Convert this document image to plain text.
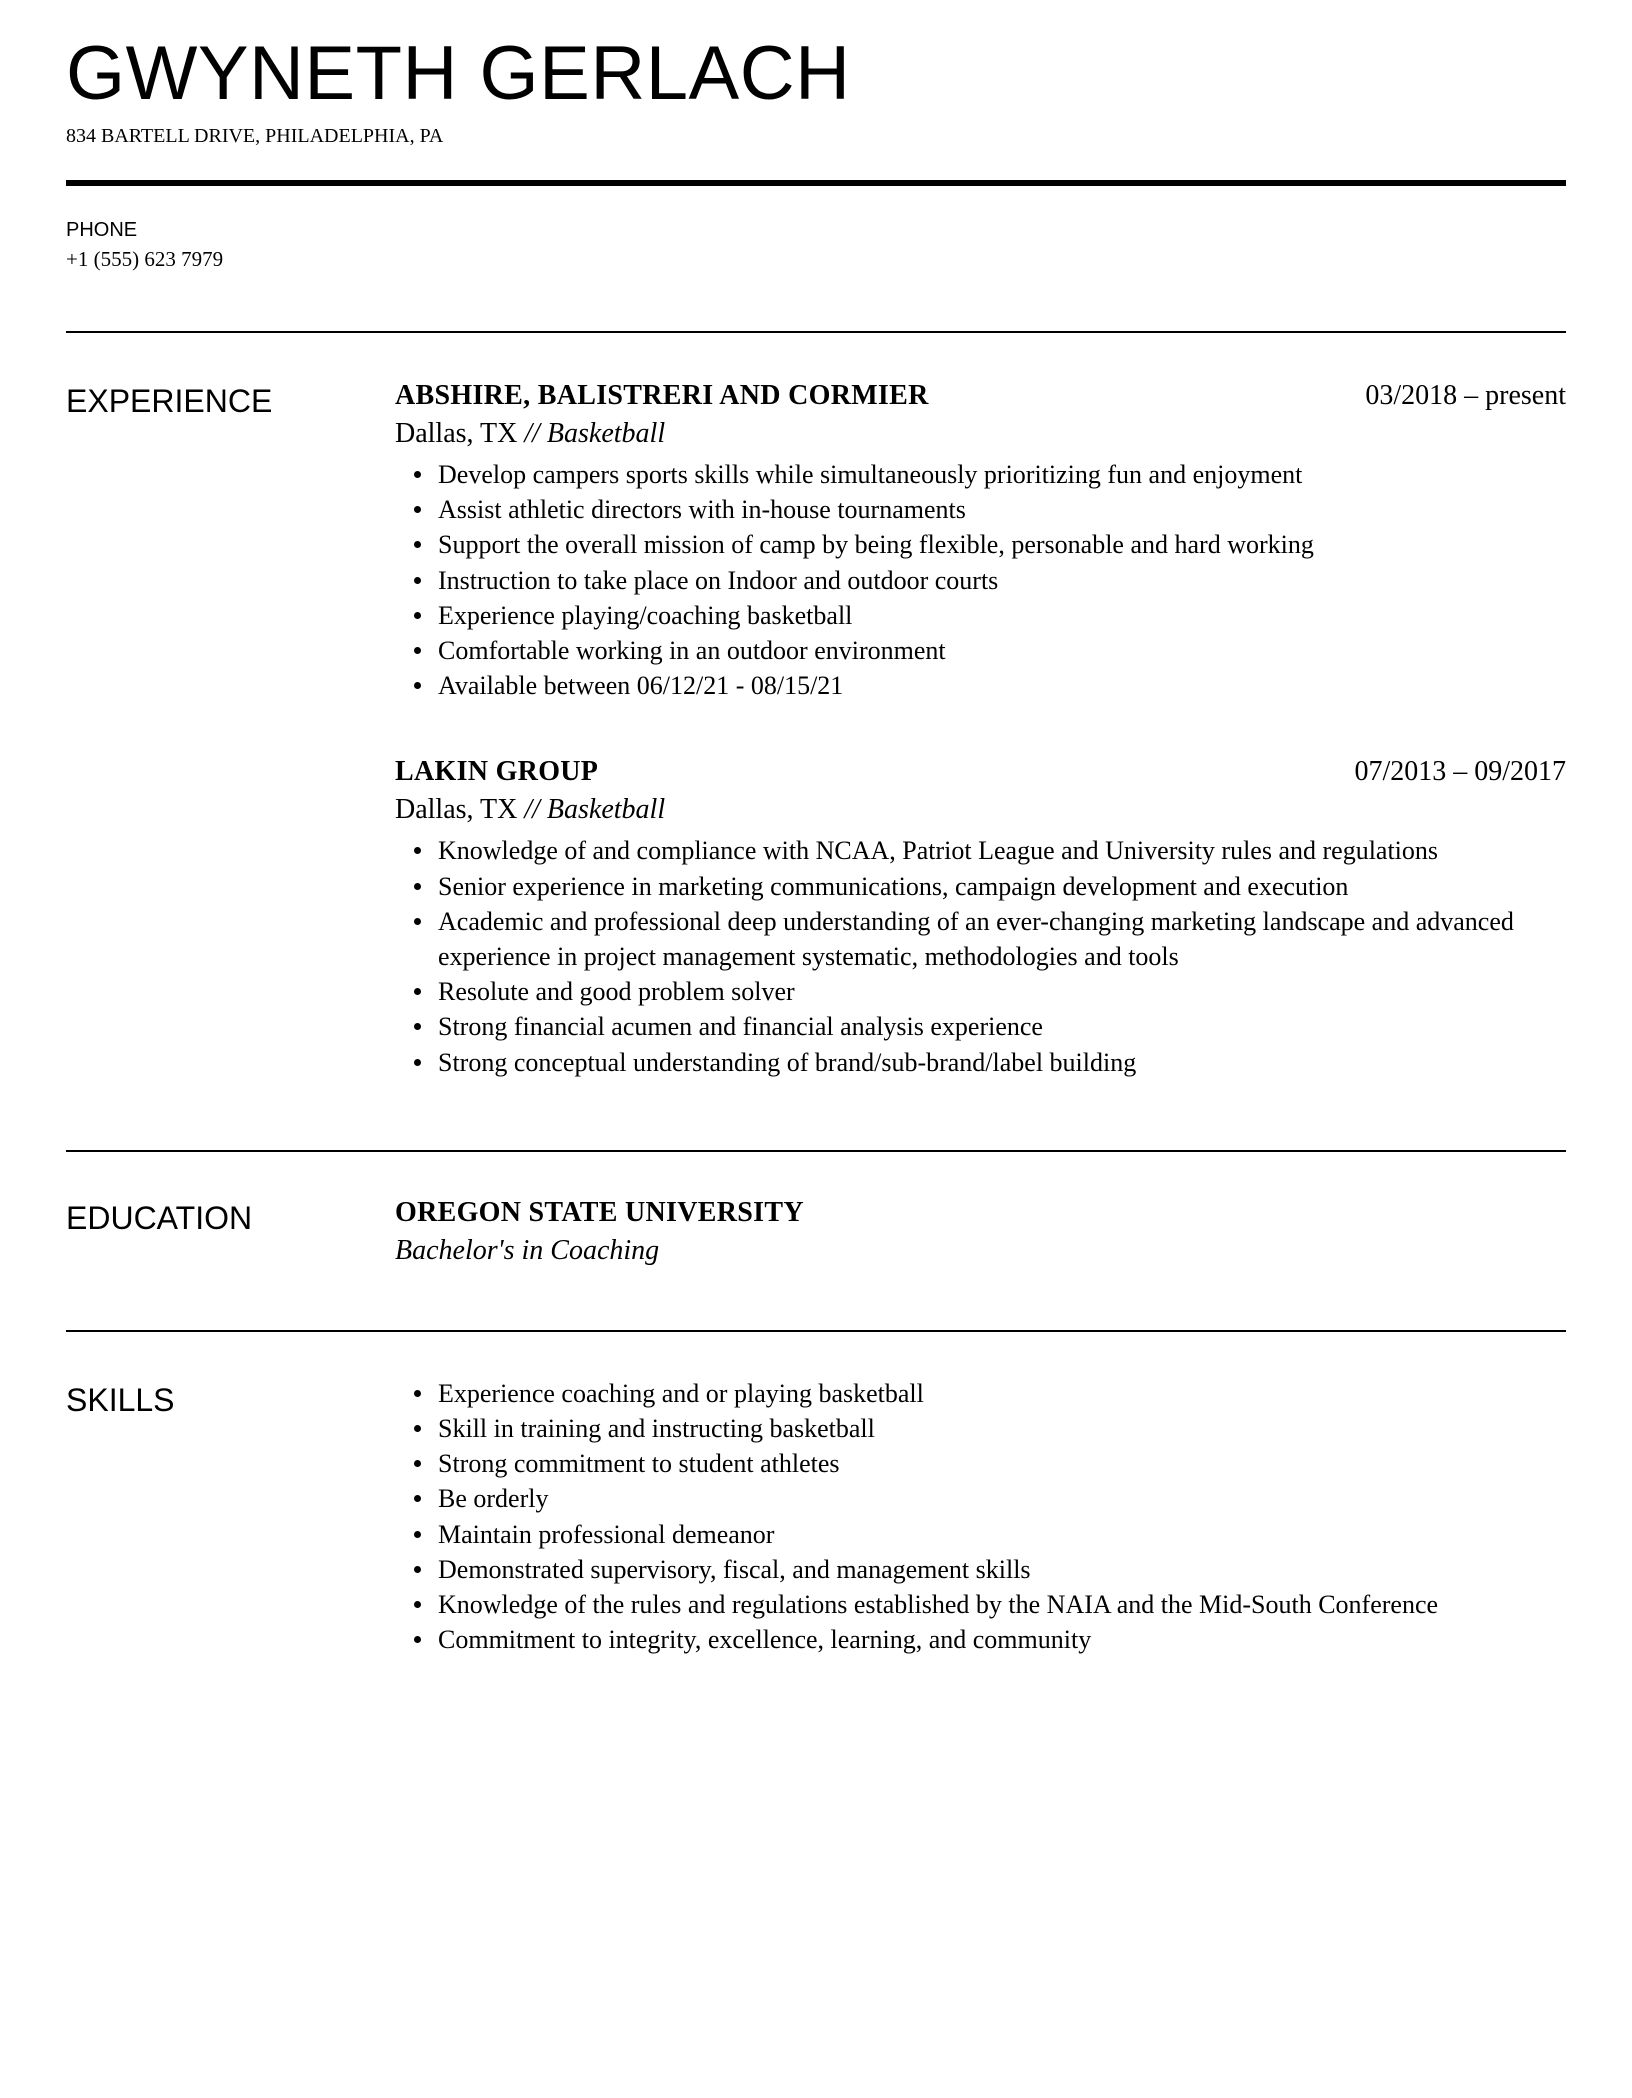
GWYNETH GERLACH
834 BARTELL DRIVE, PHILADELPHIA, PA
PHONE
+1 (555) 623 7979
EXPERIENCE	ABSHIRE, BALISTRERI AND CORMIER	03/2018 – present
Dallas, TX // Basketball
Develop campers sports skills while simultaneously prioritizing fun and enjoyment
Assist athletic directors with in-house tournaments
Support the overall mission of camp by being flexible, personable and hard working
Instruction to take place on Indoor and outdoor courts
Experience playing/coaching basketball
Comfortable working in an outdoor environment
Available between 06/12/21 - 08/15/21
LAKIN GROUP	07/2013 – 09/2017
Dallas, TX // Basketball
Knowledge of and compliance with NCAA, Patriot League and University rules and regulations
Senior experience in marketing communications, campaign development and execution
Academic and professional deep understanding of an ever-changing marketing landscape and advanced experience in project management systematic, methodologies and tools
Resolute and good problem solver
Strong financial acumen and financial analysis experience
Strong conceptual understanding of brand/sub-brand/label building
EDUCATION	OREGON STATE UNIVERSITY
Bachelor's in Coaching
SKILLS	Experience coaching and or playing basketball
Skill in training and instructing basketball
Strong commitment to student athletes
Be orderly
Maintain professional demeanor
Demonstrated supervisory, fiscal, and management skills
Knowledge of the rules and regulations established by the NAIA and the Mid-South Conference
Commitment to integrity, excellence, learning, and community
